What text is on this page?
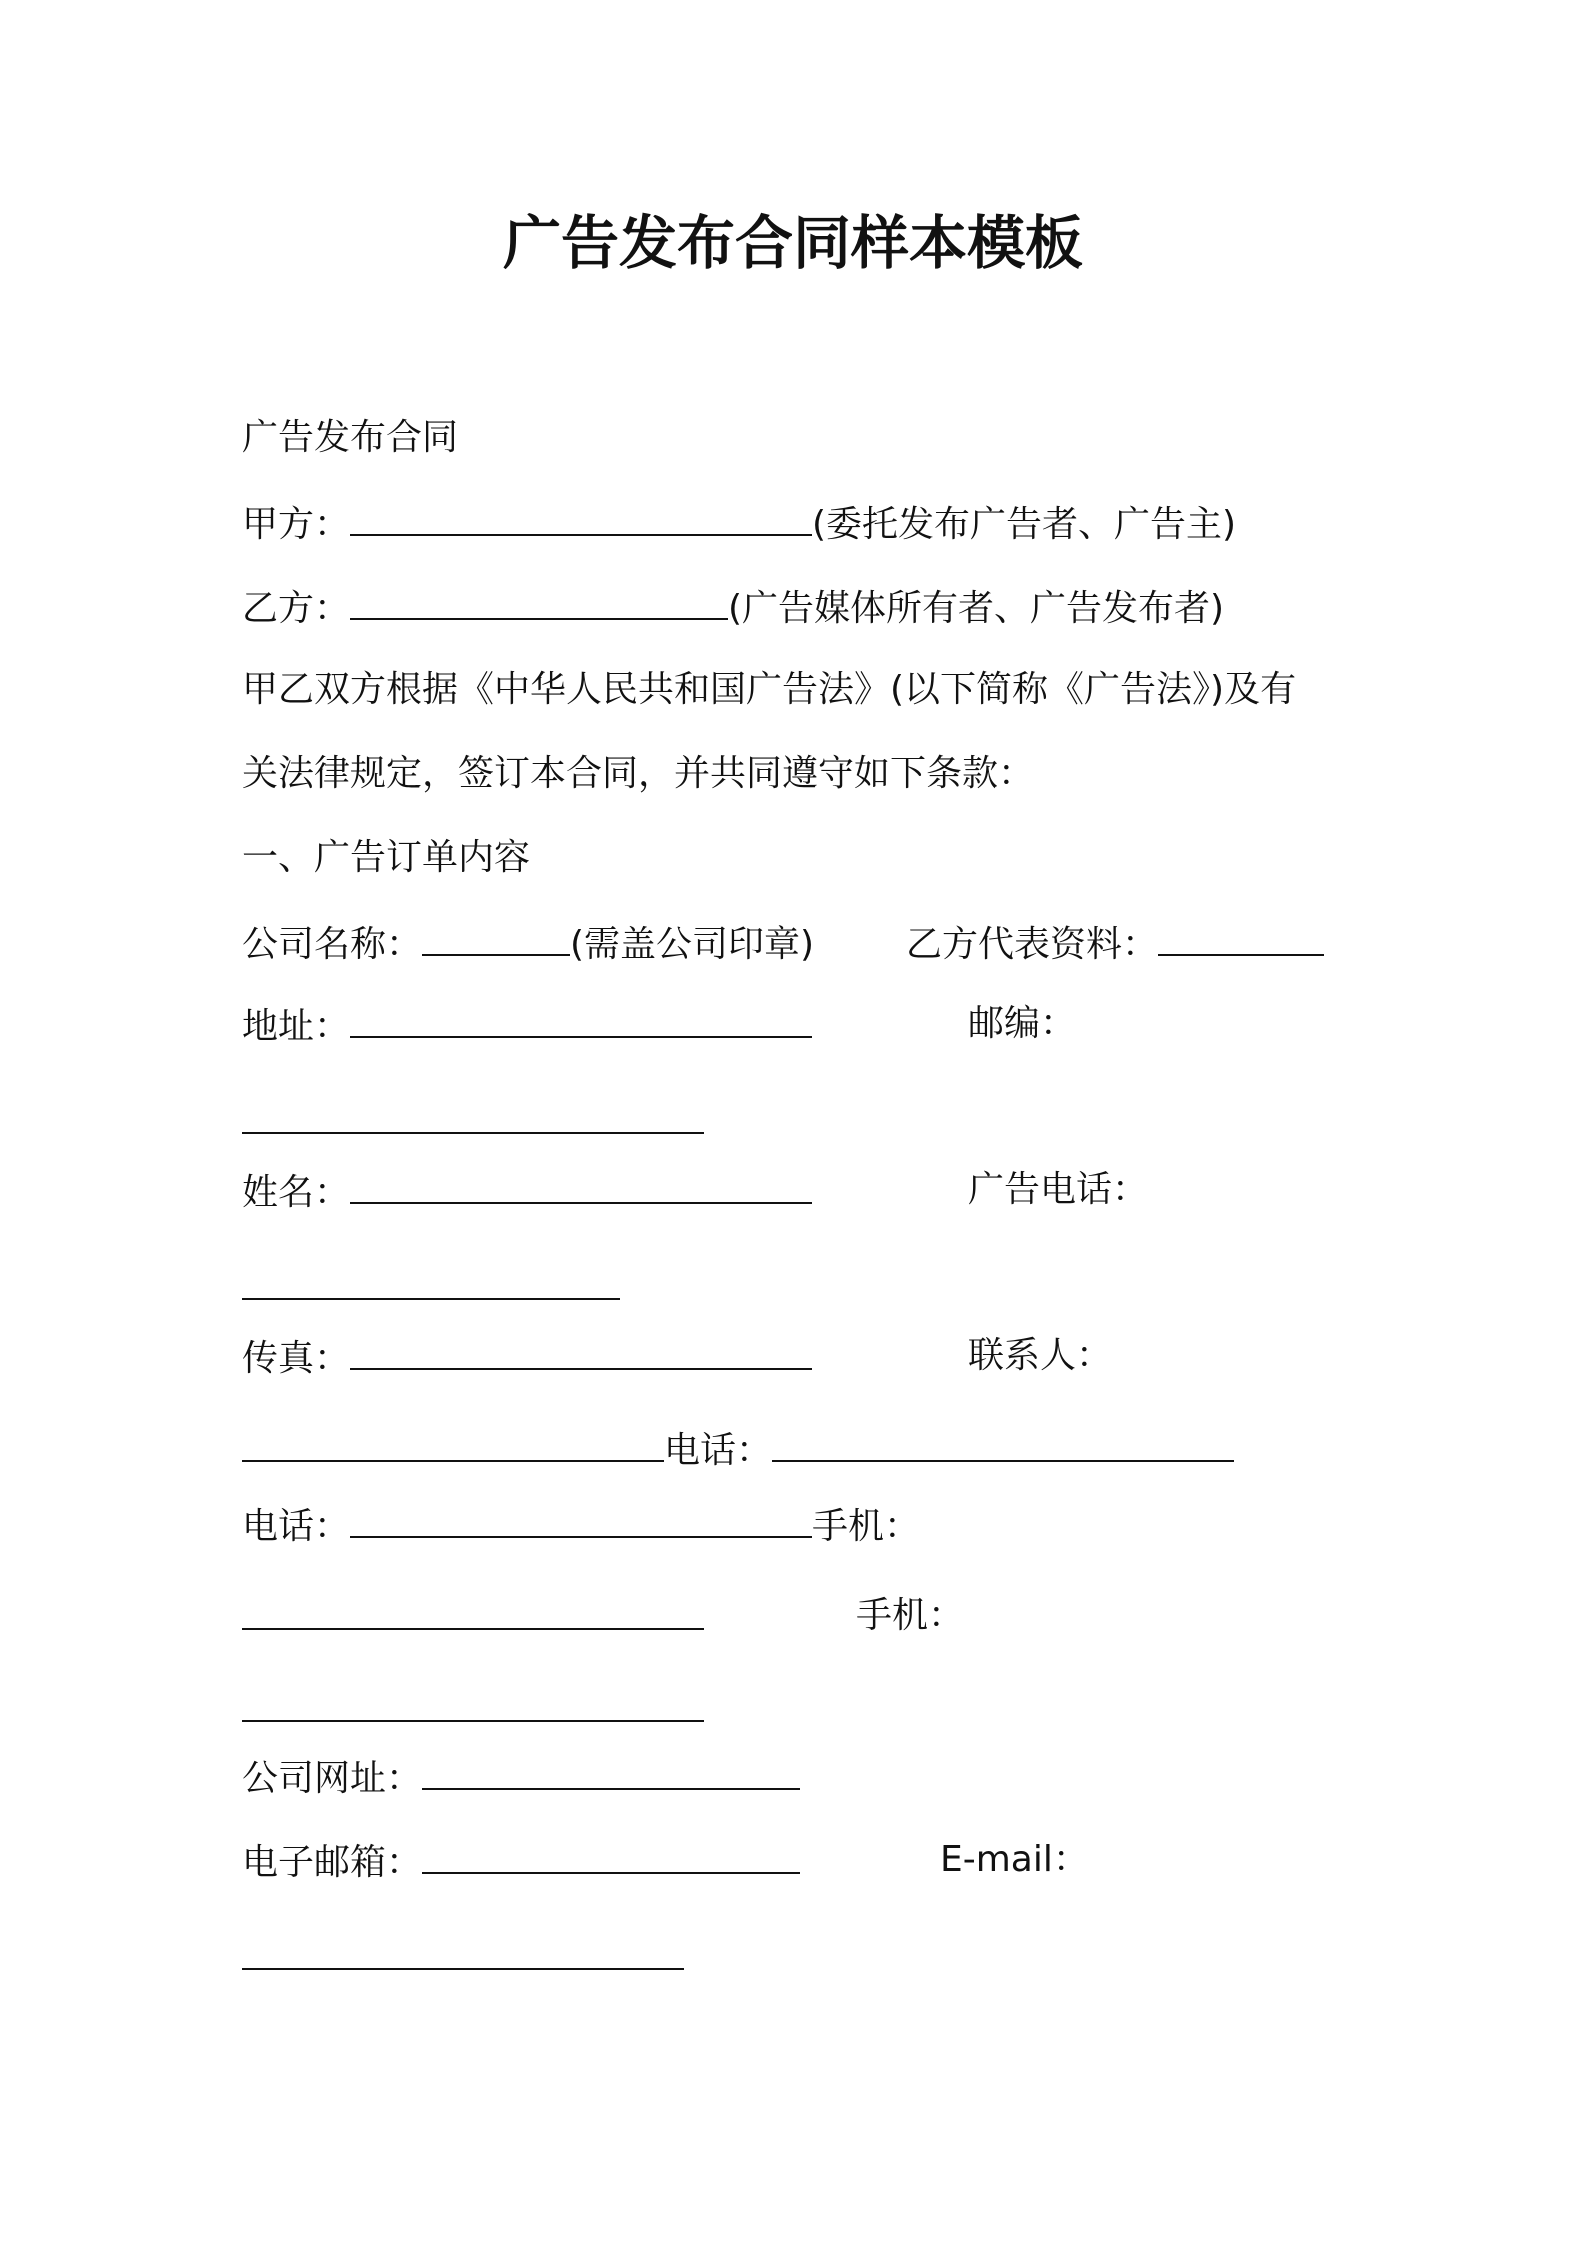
广告发布合同样本模板
广告发布合同
甲方：	(委托发布广告者、广告主)
乙方：	(广告媒体所有者、广告发布者)
甲乙双方根据《中华人民共和国广告法》(以下简称《广告法》)及有
关法律规定，签订本合同，并共同遵守如下条款：
一、广告订单内容
公司名称：	(需盖公司印章)	乙方代表资料：
地址：	邮编：
姓名：	广告电话：
传真：	联系人：
电话：
电话：	手机：
手机：
公司网址：
电子邮箱：	E-mail：
